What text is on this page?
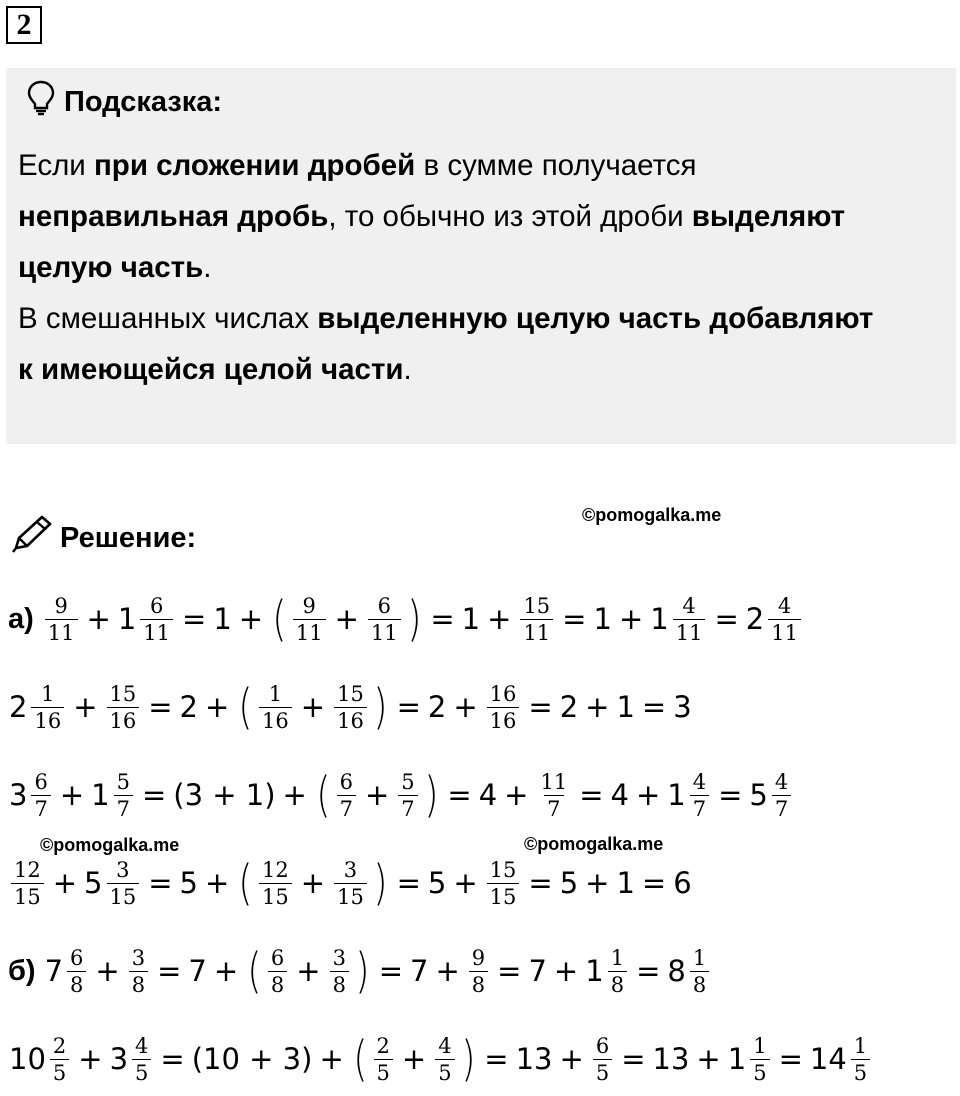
2
Подсказка:
Если при сложении дробей в сумме получается
неправильная дробь, то обычно из этой дроби выделяют
целую часть.
В смешанных числах выделенную целую часть добавляют
к имеющейся целой части.
©pomogalka.me
Решение:
$а) \frac{9}{11} + 1 \frac{6}{11} = 1$ + ( $\frac{9}{11} + \frac{6}{11}$ ) = $1 + \frac{15}{11} = 1 + 1 \frac{4}{11} = 2 \frac{4}{11}$
$2 \frac{1}{16} + \frac{15}{16} = 2$ + ( $\frac{1}{16} + \frac{15}{16}$ ) = $2 + \frac{16}{16} = 2 + 1 = 3$
$3 \frac{6}{7} + 1 \frac{5}{7} = (3 + 1)$ + ( $\frac{6}{7} + \frac{5}{7}$ ) = $4 + \frac{11}{7} = 4 + 1 \frac{4}{7} = 5 \frac{4}{7}$
©pomogalka.me	©pomogalka.me
$\frac{12}{15} + 5 \frac{3}{15} = 5$ + ( $\frac{12}{15} + \frac{3}{15}$ ) = $5 + \frac{15}{15} = 5 + 1 = 6$
б) $7 \frac{6}{8} + \frac{3}{8} = 7$ + ( $\frac{6}{8} + \frac{3}{8}$ ) = $7 + \frac{9}{8} = 7 + 1 \frac{1}{8} = 8 \frac{1}{8}$
$10 \frac{2}{5} + 3 \frac{4}{5} = (10 + 3)$ + ( $\frac{2}{5} + \frac{4}{5}$ ) = $13 + \frac{6}{5} = 13 + 1 \frac{1}{5} = 14 \frac{1}{5}$
